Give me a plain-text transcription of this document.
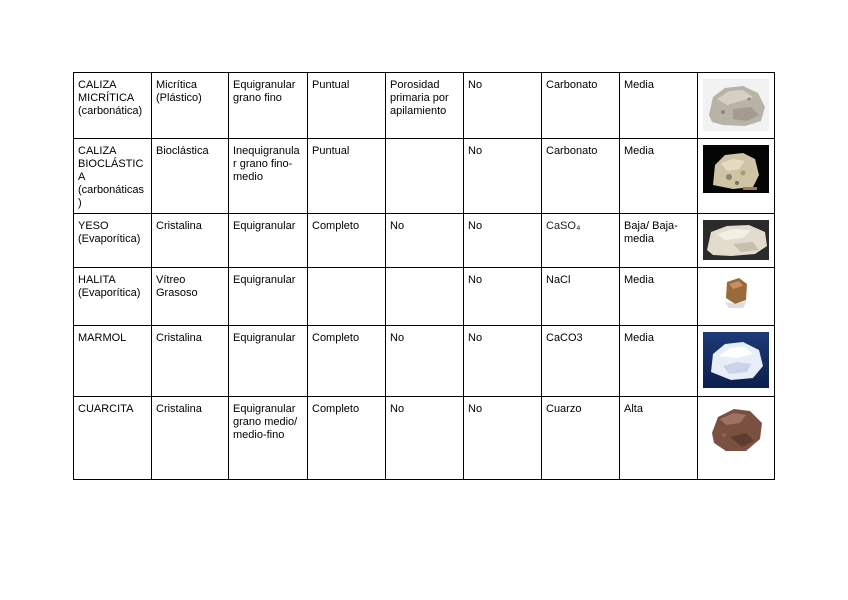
CALIZA MICRÍTICA (carbonática)	Micrítica (Plástico)	Equigranular grano fino	Puntual	Porosidad primaria por apilamiento	No	Carbonato	Media	
CALIZA BIOCLÁSTICA (carbonáticas)	Bioclástica	Inequigranular grano fino-medio	Puntual		No	Carbonato	Media	
YESO (Evaporítica)	Cristalina	Equigranular	Completo	No	No	CaSO₄	Baja/ Baja-media	
HALITA (Evaporítica)	Vítreo Grasoso	Equigranular			No	NaCl	Media	
MARMOL	Cristalina	Equigranular	Completo	No	No	CaCO3	Media	
CUARCITA	Cristalina	Equigranular grano medio/ medio-fino	Completo	No	No	Cuarzo	Alta	
